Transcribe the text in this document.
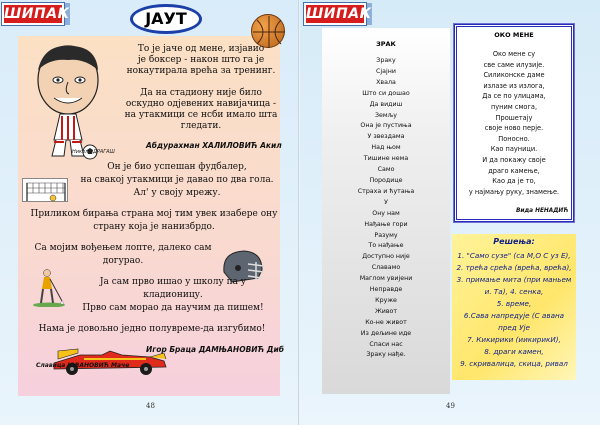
ШИПАК	ЈАУТ
Никола ДРАГАШ
То је јаче од мене, изјавио
је боксер - након што га је
нокаутирала врећа за тренинг.
Да на стадиону није било
оскудно одјевених навијачица -
на утакмици се нсби имало шта
гледати.
Абдурахман ХАЛИЛОВИЋ Акил
Он је био успешан фудбалер,
на свакој утакмици је давао по два гола.
Ал' у своју мрежу.
Приликом бирања страна мој тим увек изабере ону
страну која је нанизбрдо.
Са мојим вођењем лопте, далеко сам
догурао.
Ја сам прво ишао у школу па у
кладионицу.
Прво сам морао да научим да пишем!
Нама је довољно једно полувреме-да изгубимо!
Игор Браца ДАМЊАНОВИЋ Диб
48
ШИПАК
ЗРАК
Зраку
Сјајни
Хвала
Што си дошао
Да видиш
Земљу
Она је пустиња
У звездама
Над њом
Тишине нема
Само
Породице
Страха и ћутања
У
Ону нам
Нађање гори
Разуму
То нађање
Доступно није
Славамо
Маглом увијени
Неправде
Круже
Живот
Ко-не живот
Из дељине иде
Спаси нас
Зраку нађе.
Славица ЈОВАНОВИЋ Маче
ОКО МЕНЕ
Око мене су
све саме илузије.
Силиконске даме
излазе из излога,
Да се по улицама,
пуним смога,
Прошетају
своје ново перје.
Поносно.
Као пауници.
И да покажу своје
драго камење,
Као да је то,
у најмању руку, знамење.
Вида НЕНАДИЋ
Решења:
1. "Само сузе" (са М,О С уз Е),
2. трећа срећа (врећа, врећа),
3. примање мита (при маньем
и. Та), 4. сенка,
5. време,
6.Сава напредује (С авана
пред Ује
7. Кикирики (иикирикИ),
8. драги камен,
9. скривалица, скица, ривал
49
